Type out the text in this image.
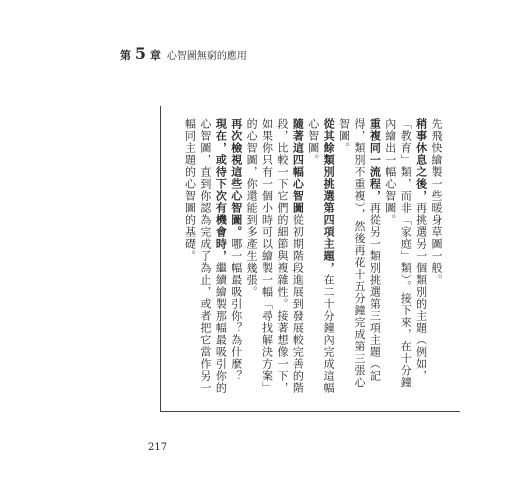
第 5 章 心智圖無窮的應用

先飛快繪製一些暖身草圖一般。

稍事休息之後，再挑選另一個類別的主題（例如，「教育」類，而非「家庭」類）。接下來，在十分鐘內繪出一幅心智圖。

重複同一流程，再從另一類別挑選第三項主題（記得，類別不重複），然後再花十五分鐘完成第三張心智圖。

從其餘類別挑選第四項主題，在二十分鐘內完成這幅心智圖。

隨著這四幅心智圖從初期階段進展到發展較完善的階段，比較一下它們的細節與複雜性。接著想像一下，如果你只有一個小時可以繪製一幅「尋找解決方案」的心智圖，你還能到多產生幾張。

再次檢視這些心智圖。哪一幅最吸引你？為什麼？

現在，或待下次有機會時，繼續繪製那幅最吸引你的心智圖，直到你認為完成了為止，或者把它當作另一幅同主題的心智圖的基礎。

217
